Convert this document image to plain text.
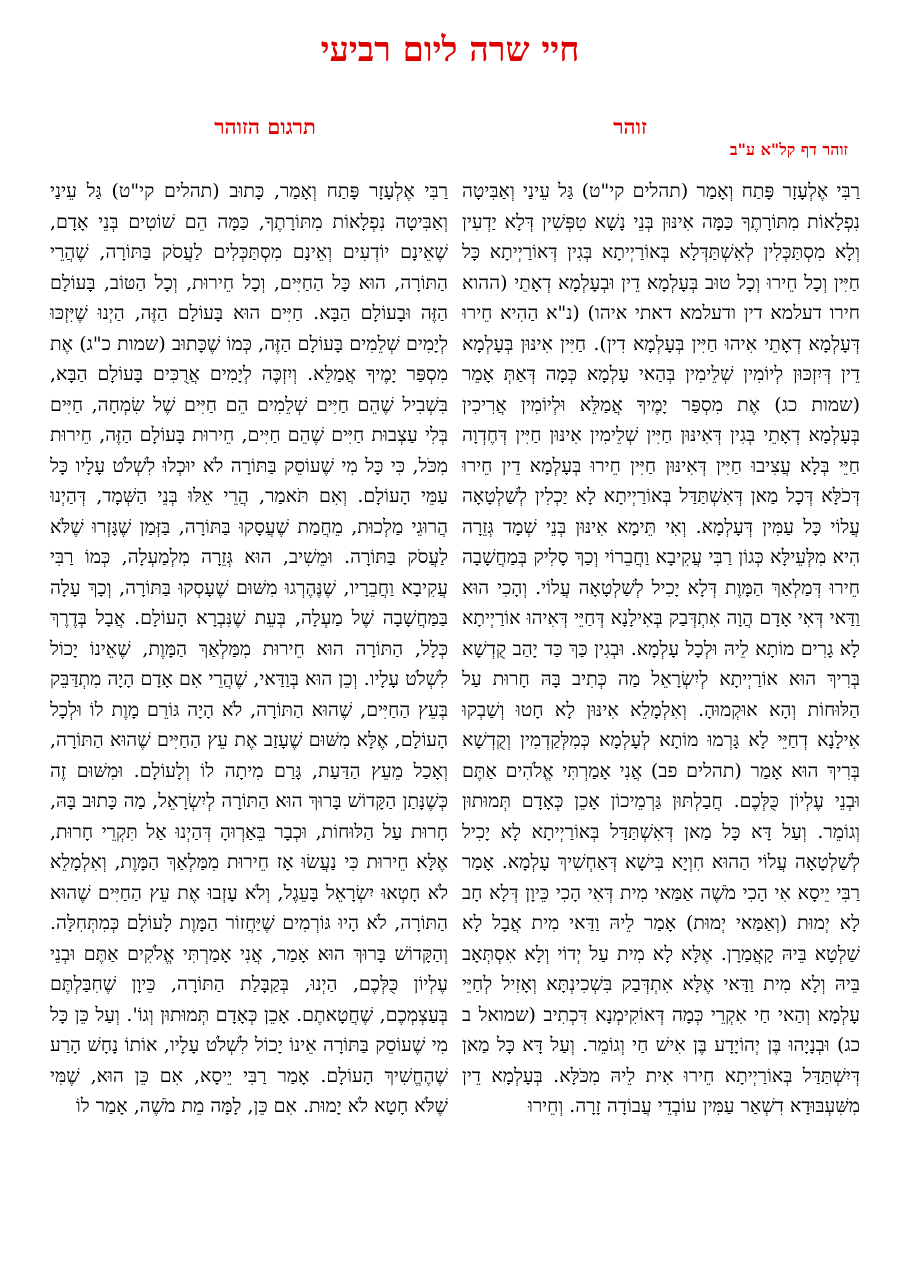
חיי שרה ליום רביעי
זוהר
תרגום הזוהר
זוהר דף קל"א ע"ב

רַבִּי אֶלְעָזָר פָּתַח וְאָמַר (תהלים קי"ט) גַּל עֵינַי וְאַבִּיטָה נִפְלָאוֹת מִתּוֹרָתֶךָ כַּמָּה אִינּוּן בְּנֵי נָשָׁא טִפְּשִׁין דְּלָא יַדְעִין וְלָא מִסְתַּכְּלִין לְאִשְׁתַּדְּלָא בְּאוֹרַיְיתָא בְּגִין דְּאוֹרַיְיתָא כָּל חַיִּין וְכָל חֵירוּ וְכָל טוּב בְּעָלְמָא דֵין וּבְעָלְמָא דְאָתֵי (ההוא חירו דעלמא דין ודעלמא דאתי איהו) (נ"א הַהִיא חֵירוּ דְּעָלְמָא דְאָתֵי אִיהוּ חַיִּין בְּעָלְמָא דִין). חַיִּין אִינּוּן בְּעָלְמָא דֵין דְּיִזְכּוּן לְיוֹמִין שְׁלֵימִין בְּהַאי עָלְמָא כְּמָה דְּאַתְּ אָמֵר (שמות כג) אֶת מִסְפַּר יָמֶיךָ אֲמַלֵּא וּלְיוֹמִין אֲרִיכִין בְּעָלְמָא דְאָתֵי בְּגִין דְּאִינּוּן חַיִּין שְׁלֵימִין אִינּוּן חַיִּין דְּחֶדְוָה חַיֵּי בְּלָא עֲצִיבוּ חַיִּין דְּאִינּוּן חַיִּין חֵירוּ בְּעָלְמָא דֵין חֵירוּ דְּכֹלָּא דְּכָל מַאן דְּאִשְׁתַּדַּל בְּאוֹרַיְיתָא לָא יַכְלִין לְשַׁלְטָאָה עֲלוֹי כָּל עַמִּין דְּעָלְמָא. וְאִי תֵּימָא אִינּוּן בְּנֵי שְׁמָד גְּזֵרָה הִיא מִלְּעֵילָּא כְּגוֹן רַבִּי עֲקִיבָא וַחֲבֵרוֹי וְכַךְ סָלִיק בְּמַחֲשָׁבָה חֵירוּ דְּמַלְאַךְ הַמָּוֶת דְּלָא יָכִיל לְשַׁלְטָאָה עֲלוֹי. וְהָכִי הוּא וַדַּאי דְּאִי אָדָם הֲוָה אִתְדְּבַק בְּאִילָנָא דְּחַיֵּי דְּאִיהוּ אוֹרַיְיתָא לָא גָרִים מוֹתָא לֵיהּ וּלְכָל עָלְמָא. וּבְגִין כַּךְ כַּד יָהַב קֻדְשָׁא בְּרִיךְ הוּא אוֹרַיְיתָא לְיִשְׂרָאֵל מַה כְּתִיב בָּהּ חָרוּת עַל הַלּוּחוֹת וְהָא אוּקְמוּהָ. וְאִלְמָלֵא אִינּוּן לָא חָטוּ וְשַׁבְקוּ אִילָנָא דְחַיֵּי לָא גָּרְמוּ מוֹתָא לְעָלְמָא כְּמִלְּקַדְמִין וְקֻדְשָׁא בְּרִיךְ הוּא אָמַר (תהלים פב) אֲנִי אָמַרְתִּי אֱלֹהִים אַתֶּם וּבְנֵי עֶלְיוֹן כֻּלְּכֶם. חֲבַלְתּוּן גַּרְמֵיכוֹן אָכֵן כְּאָדָם תְּמוּתוּן וְגוֹמֵר. וְעַל דָּא כָּל מַאן דְּאִשְׁתַּדַּל בְּאוֹרַיְיתָא לָא יָכִיל לְשַׁלְטָאָה עֲלוֹי הַהוּא חִוְיָא בִּישָׁא דְּאַחְשִׁיךְ עָלְמָא. אָמַר רַבִּי יֵיסָא אִי הָכִי מֹשֶׁה אַמַּאי מִית דְּאִי הָכִי כֵּיוָן דְּלָא חָב לָא יְמוּת (וְאַמַּאי יְמוּת) אָמַר לֵיהּ וַדַּאי מִית אֲבָל לָא שַׁלְטָא בֵּיהּ קָאֲמַרָן. אֶלָּא לָא מִית עַל יְדוֹי וְלָא אִסְתְּאָב בֵּיהּ וְלָא מִית וַדַּאי אֶלָּא אִתְדְּבַק בִּשְׁכִינְתָּא וְאָזִיל לְחַיֵּי עָלְמָא וְהַאי חַי אִקְרֵי כְּמָה דְּאוֹקִימְנָא דִּכְתִיב (שמואל ב כג) וּבְנָיָהוּ בֶּן יְהוֹיָדָע בֶּן אִישׁ חַי וְגוֹמֵר. וְעַל דָּא כָּל מַאן דְּיִשְׁתַּדַּל בְּאוֹרַיְיתָא חֵירוּ אִית לֵיהּ מִכֹּלָּא. בְּעָלְמָא דֵין מִשִּׁעְבּוּדָא דִשְׁאַר עַמִּין עוֹבְדֵי עֲבוֹדָה זָרָה. וְחֵירוּ

רַבִּי אֶלְעָזָר פָּתַח וְאָמַר, כָּתוּב (תהלים קי"ט) גַּל עֵינַי וְאַבִּיטָה נִפְלָאוֹת מִתּוֹרָתֶךָ, כַּמָּה הֵם שׁוֹטִים בְּנֵי אָדָם, שֶׁאֵינָם יוֹדְעִים וְאֵינָם מִסְתַּכְּלִים לַעֲסֹק בַּתּוֹרָה, שֶׁהֲרֵי הַתּוֹרָה, הוּא כָּל הַחַיִּים, וְכָל חֵירוּת, וְכָל הַטּוֹב, בָּעוֹלָם הַזֶּה וּבָעוֹלָם הַבָּא. חַיִּים הוּא בָּעוֹלָם הַזֶּה, הַיְנוּ שֶׁיִּזְכּוּ לְיָמִים שְׁלֵמִים בָּעוֹלָם הַזֶּה, כְּמוֹ שֶׁכָּתוּב (שמות כ"ג) אֶת מִסְפַּר יָמֶיךָ אֲמַלֵּא. וְיִזְכֶּה לְיָמִים אֲרֻכִּים בָּעוֹלָם הַבָּא, בִּשְׁבִיל שֶׁהֵם חַיִּים שְׁלֵמִים הֵם חַיִּים שֶׁל שִׂמְחָה, חַיִּים בְּלִי עַצְבוּת חַיִּים שֶׁהֵם חַיִּים, חֵירוּת בָּעוֹלָם הַזֶּה, חֵירוּת מִכֹּל, כִּי כָּל מִי שֶׁעוֹסֵק בַּתּוֹרָה לֹא יוּכְלוּ לִשְׁלֹט עָלָיו כָּל עַמֵּי הָעוֹלָם. וְאִם תֹּאמַר, הֲרֵי אֵלּוּ בְּנֵי הַשְּׁמָד, דְּהַיְנוּ הֲרוּגֵי מַלְכוּת, מֵחֲמַת שֶׁעֲסָקוּ בַּתּוֹרָה, בַּזְּמַן שֶׁגָּזְרוּ שֶׁלֹּא לַעֲסֹק בַּתּוֹרָה. וּמֵשִׁיב, הוּא גְּזֵרָה מִלְמַעְלָה, כְּמוֹ רַבִּי עֲקִיבָא וַחֲבֵרָיו, שֶׁנֶּהֶרְגוּ מִשּׁוּם שֶׁעָסְקוּ בַּתּוֹרָה, וְכָךְ עָלָה בַּמַּחֲשָׁבָה שֶׁל מַעְלָה, בְּעֵת שֶׁנִּבְרָא הָעוֹלָם. אֲבָל בְּדֶרֶךְ כְּלָל, הַתּוֹרָה הוּא חֵירוּת מִמַּלְאַךְ הַמָּוֶת, שֶׁאֵינוֹ יָכוֹל לִשְׁלֹט עָלָיו. וְכֵן הוּא בְּוַדַּאי, שֶׁהֲרֵי אִם אָדָם הָיָה מִתְדַּבֵּק בְּעֵץ הַחַיִּים, שֶׁהוּא הַתּוֹרָה, לֹא הָיָה גּוֹרֵם מָוֶת לוֹ וּלְכָל הָעוֹלָם, אֶלָּא מִשּׁוּם שֶׁעָזַב אֶת עֵץ הַחַיִּים שֶׁהוּא הַתּוֹרָה, וְאָכַל מֵעֵץ הַדַּעַת, גָּרַם מִיתָה לוֹ וְלָעוֹלָם. וּמִשּׁוּם זֶה כְּשֶׁנָּתַן הַקָּדוֹשׁ בָּרוּךְ הוּא הַתּוֹרָה לְיִשְׂרָאֵל, מַה כָּתוּב בָּהּ, חָרוּת עַל הַלּוּחוֹת, וּכְבָר בֵּאַרְוּהָ דְּהַיְנוּ אַל תִּקְרֵי חָרוּת, אֶלָּא חֵירוּת כִּי נַעֲשׂוּ אָז חֵירוּת מִמַּלְאַךְ הַמָּוֶת, וְאִלְמָלֵא לֹא חָטְאוּ יִשְׂרָאֵל בָּעֵגֶל, וְלֹא עָזְבוּ אֶת עֵץ הַחַיִּים שֶׁהוּא הַתּוֹרָה, לֹא הָיוּ גּוֹרְמִים שֶׁיַּחֲזוֹר הַמָּוֶת לָעוֹלָם כְּמִתְּחִלָּה. וְהַקָּדוֹשׁ בָּרוּךְ הוּא אָמַר, אֲנִי אָמַרְתִּי אֱלֹקִים אַתֶּם וּבְנֵי עֶלְיוֹן כֻּלְּכֶם, הַיְנוּ, בְּקַבָּלַת הַתּוֹרָה, כֵּיוָן שֶׁחִבַּלְתֶּם בְּעַצְמְכֶם, שֶׁחֲטָאתֶם. אָכֵן כְּאָדָם תְּמוּתוּן וְגוֹ'. וְעַל כֵּן כָּל מִי שֶׁעוֹסֵק בַּתּוֹרָה אֵינוֹ יָכוֹל לִשְׁלֹט עָלָיו, אוֹתוֹ נָחָשׁ הָרַע שֶׁהֶחֱשִׁיךְ הָעוֹלָם. אָמַר רַבִּי יֵיסָא, אִם כֵּן הוּא, שֶׁמִּי שֶׁלֹּא חָטָא לֹא יָמוּת. אִם כֵּן, לָמָּה מֵת מֹשֶׁה, אָמַר לוֹ
